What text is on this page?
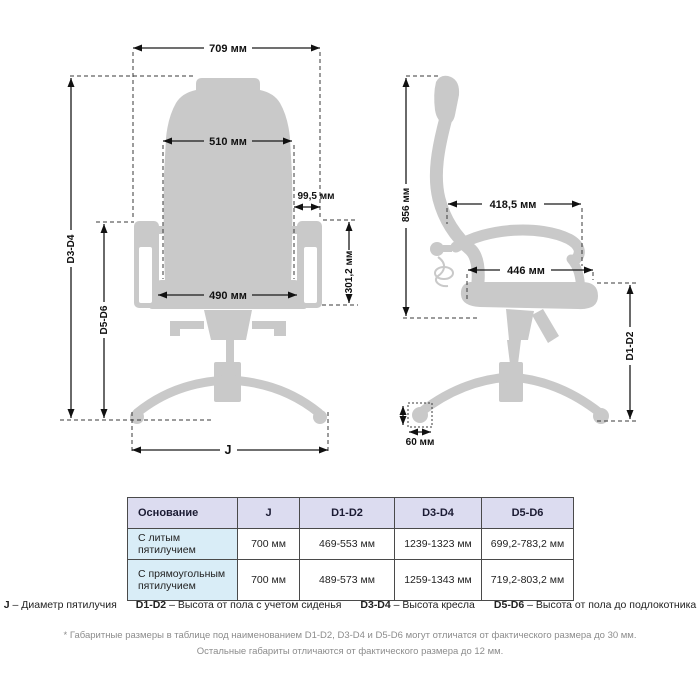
709 мм
510 мм
99,5 мм
301,2 мм
490 мм
D3-D4
D5-D6
J
856 мм	418,5 мм
446 мм
D1-D2
60 мм
Основание	J	D1-D2	D3-D4	D5-D6
С литым пятилучием	700 мм	469-553 мм	1239-1323 мм	699,2-783,2 мм
С прямоугольным пятилучием	700 мм	489-573 мм	1259-1343 мм	719,2-803,2 мм
J – Диаметр пятилучия D1-D2 – Высота от пола с учетом сиденья D3-D4 – Высота кресла D5-D6 – Высота от пола до подлокотника
* Габаритные размеры в таблице под наименованием D1-D2, D3-D4 и D5-D6 могут отличатся от фактического размера до 30 мм.
Остальные габариты отличаются от фактического размера до 12 мм.
